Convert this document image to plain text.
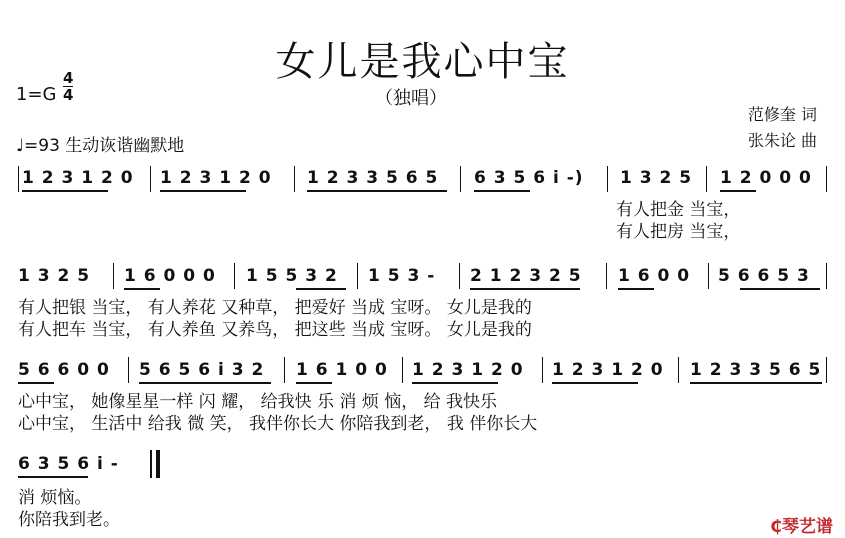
女儿是我心中宝
（独唱）
1=G
4
4
♩=93 生动诙谐幽默地
范修奎 词
张朱论 曲
1 2 3 1 2 0 1 2 3 1 2 0 1 2 3 3 5 6 5 6 3 5 6 i -) 1 3 2 5 1 2 0 0 0
有人把金 当宝，
有人把房 当宝，
1 3 2 5 1 6 0 0 0 1 5 5 3 2 1 5 3 - 2 1 2 3 2 5 1 6 0 0 5 6 6 5 3
有人把银 当宝， 有人养花 又种草， 把爱好 当成 宝呀。 女儿是我的
有人把车 当宝， 有人养鱼 又养鸟， 把这些 当成 宝呀。 女儿是我的
5 6 6 0 0 5 6 5 6 i 3 2 1 6 1 0 0 1 2 3 1 2 0 1 2 3 1 2 0 1 2 3 3 5 6 5
心中宝， 她像星星一样 闪 耀， 给我快 乐 消 烦 恼， 给 我快乐
心中宝， 生活中 给我 微 笑， 我伴你长大 你陪我到老， 我 伴你长大
6 3 5 6 i -
消 烦恼。
你陪我到老。	₵琴艺谱
